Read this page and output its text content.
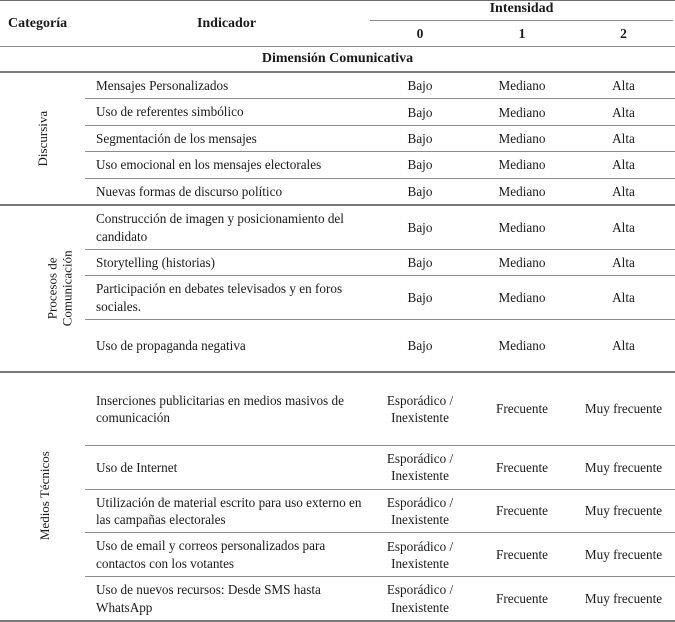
Categoría	Indicador	Intensidad		

		0	1	2
Dimensión Comunicativa				
Discursiva	Mensajes Personalizados	Bajo	Mediano	Alta
	Uso de referentes simbólico	Bajo	Mediano	Alta
	Segmentación de los mensajes	Bajo	Mediano	Alta
	Uso emocional en los mensajes electorales	Bajo	Mediano	Alta
	Nuevas formas de discurso político	Bajo	Mediano	Alta
Procesos de Comunicación	Construcción de imagen y posicionamiento del candidato	Bajo	Mediano	Alta
	Storytelling (historias)	Bajo	Mediano	Alta
	Participación en debates televisados y en foros sociales.	Bajo	Mediano	Alta
	Uso de propaganda negativa	Bajo	Mediano	Alta
Medios Técnicos	Inserciones publicitarias en medios masivos de comunicación	Esporádico / Inexistente	Frecuente	Muy frecuente
	Uso de Internet	Esporádico / Inexistente	Frecuente	Muy frecuente
	Utilización de material escrito para uso externo en las campañas electorales	Esporádico / Inexistente	Frecuente	Muy frecuente
	Uso de email y correos personalizados para contactos con los votantes	Esporádico / Inexistente	Frecuente	Muy frecuente
	Uso de nuevos recursos: Desde SMS hasta WhatsApp	Esporádico / Inexistente	Frecuente	Muy frecuente
